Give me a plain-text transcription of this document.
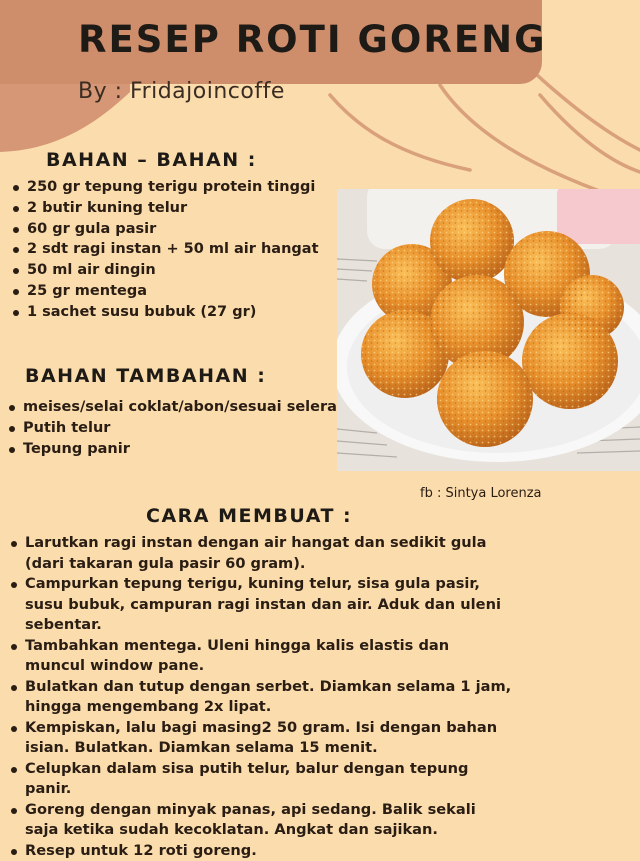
RESEP ROTI GORENG

By : Fridajoincoffe

BAHAN – BAHAN :
250 gr tepung terigu protein tinggi
2 butir kuning telur
60 gr gula pasir
2 sdt ragi instan + 50 ml air hangat
50 ml air dingin
25 gr mentega
1 sachet susu bubuk (27 gr)
BAHAN TAMBAHAN :
meises/selai coklat/abon/sesuai selera
Putih telur
Tepung panir

fb : Sintya Lorenza

CARA MEMBUAT :
Larutkan ragi instan dengan air hangat dan sedikit gula (dari takaran gula pasir 60 gram).
Campurkan tepung terigu, kuning telur, sisa gula pasir, susu bubuk, campuran ragi instan dan air. Aduk dan uleni sebentar.
Tambahkan mentega. Uleni hingga kalis elastis dan muncul window pane.
Bulatkan dan tutup dengan serbet. Diamkan selama 1 jam, hingga mengembang 2x lipat.
Kempiskan, lalu bagi masing2 50 gram. Isi dengan bahan isian. Bulatkan. Diamkan selama 15 menit.
Celupkan dalam sisa putih telur, balur dengan tepung panir.
Goreng dengan minyak panas, api sedang. Balik sekali saja ketika sudah kecoklatan. Angkat dan sajikan.
Resep untuk 12 roti goreng.
